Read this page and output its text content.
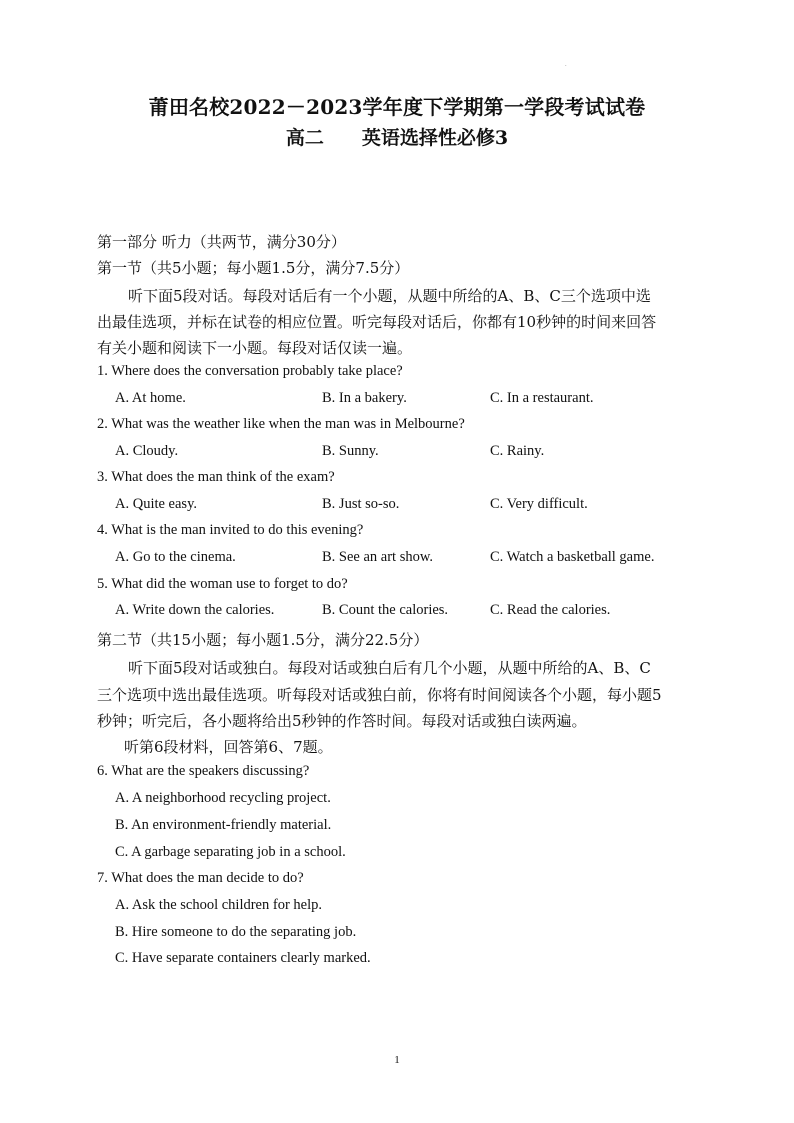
.
莆田名校2022－2023学年度下学期第一学段考试试卷
高二　　英语选择性必修3
第一部分 听力（共两节，满分30分）
第一节（共5小题；每小题1.5分，满分7.5分）
听下面5段对话。每段对话后有一个小题，从题中所给的A、B、C三个选项中选
出最佳选项，并标在试卷的相应位置。听完每段对话后，你都有10秒钟的时间来回答
有关小题和阅读下一小题。每段对话仅读一遍。
1. Where does the conversation probably take place?
A. At home.	B. In a bakery.	C. In a restaurant.
2. What was the weather like when the man was in Melbourne?
A. Cloudy.	B. Sunny.	C. Rainy.
3. What does the man think of the exam?
A. Quite easy.	B. Just so-so.	C. Very difficult.
4. What is the man invited to do this evening?
A. Go to the cinema.	B. See an art show.	C. Watch a basketball game.
5. What did the woman use to forget to do?
A. Write down the calories.	B. Count the calories.	C. Read the calories.
第二节（共15小题；每小题1.5分，满分22.5分）
听下面5段对话或独白。每段对话或独白后有几个小题，从题中所给的A、B、C
三个选项中选出最佳选项。听每段对话或独白前，你将有时间阅读各个小题，每小题5
秒钟；听完后，各小题将给出5秒钟的作答时间。每段对话或独白读两遍。
听第6段材料，回答第6、7题。
6. What are the speakers discussing?
A. A neighborhood recycling project.
B. An environment-friendly material.
C. A garbage separating job in a school.
7. What does the man decide to do?
A. Ask the school children for help.
B. Hire someone to do the separating job.
C. Have separate containers clearly marked.
1
